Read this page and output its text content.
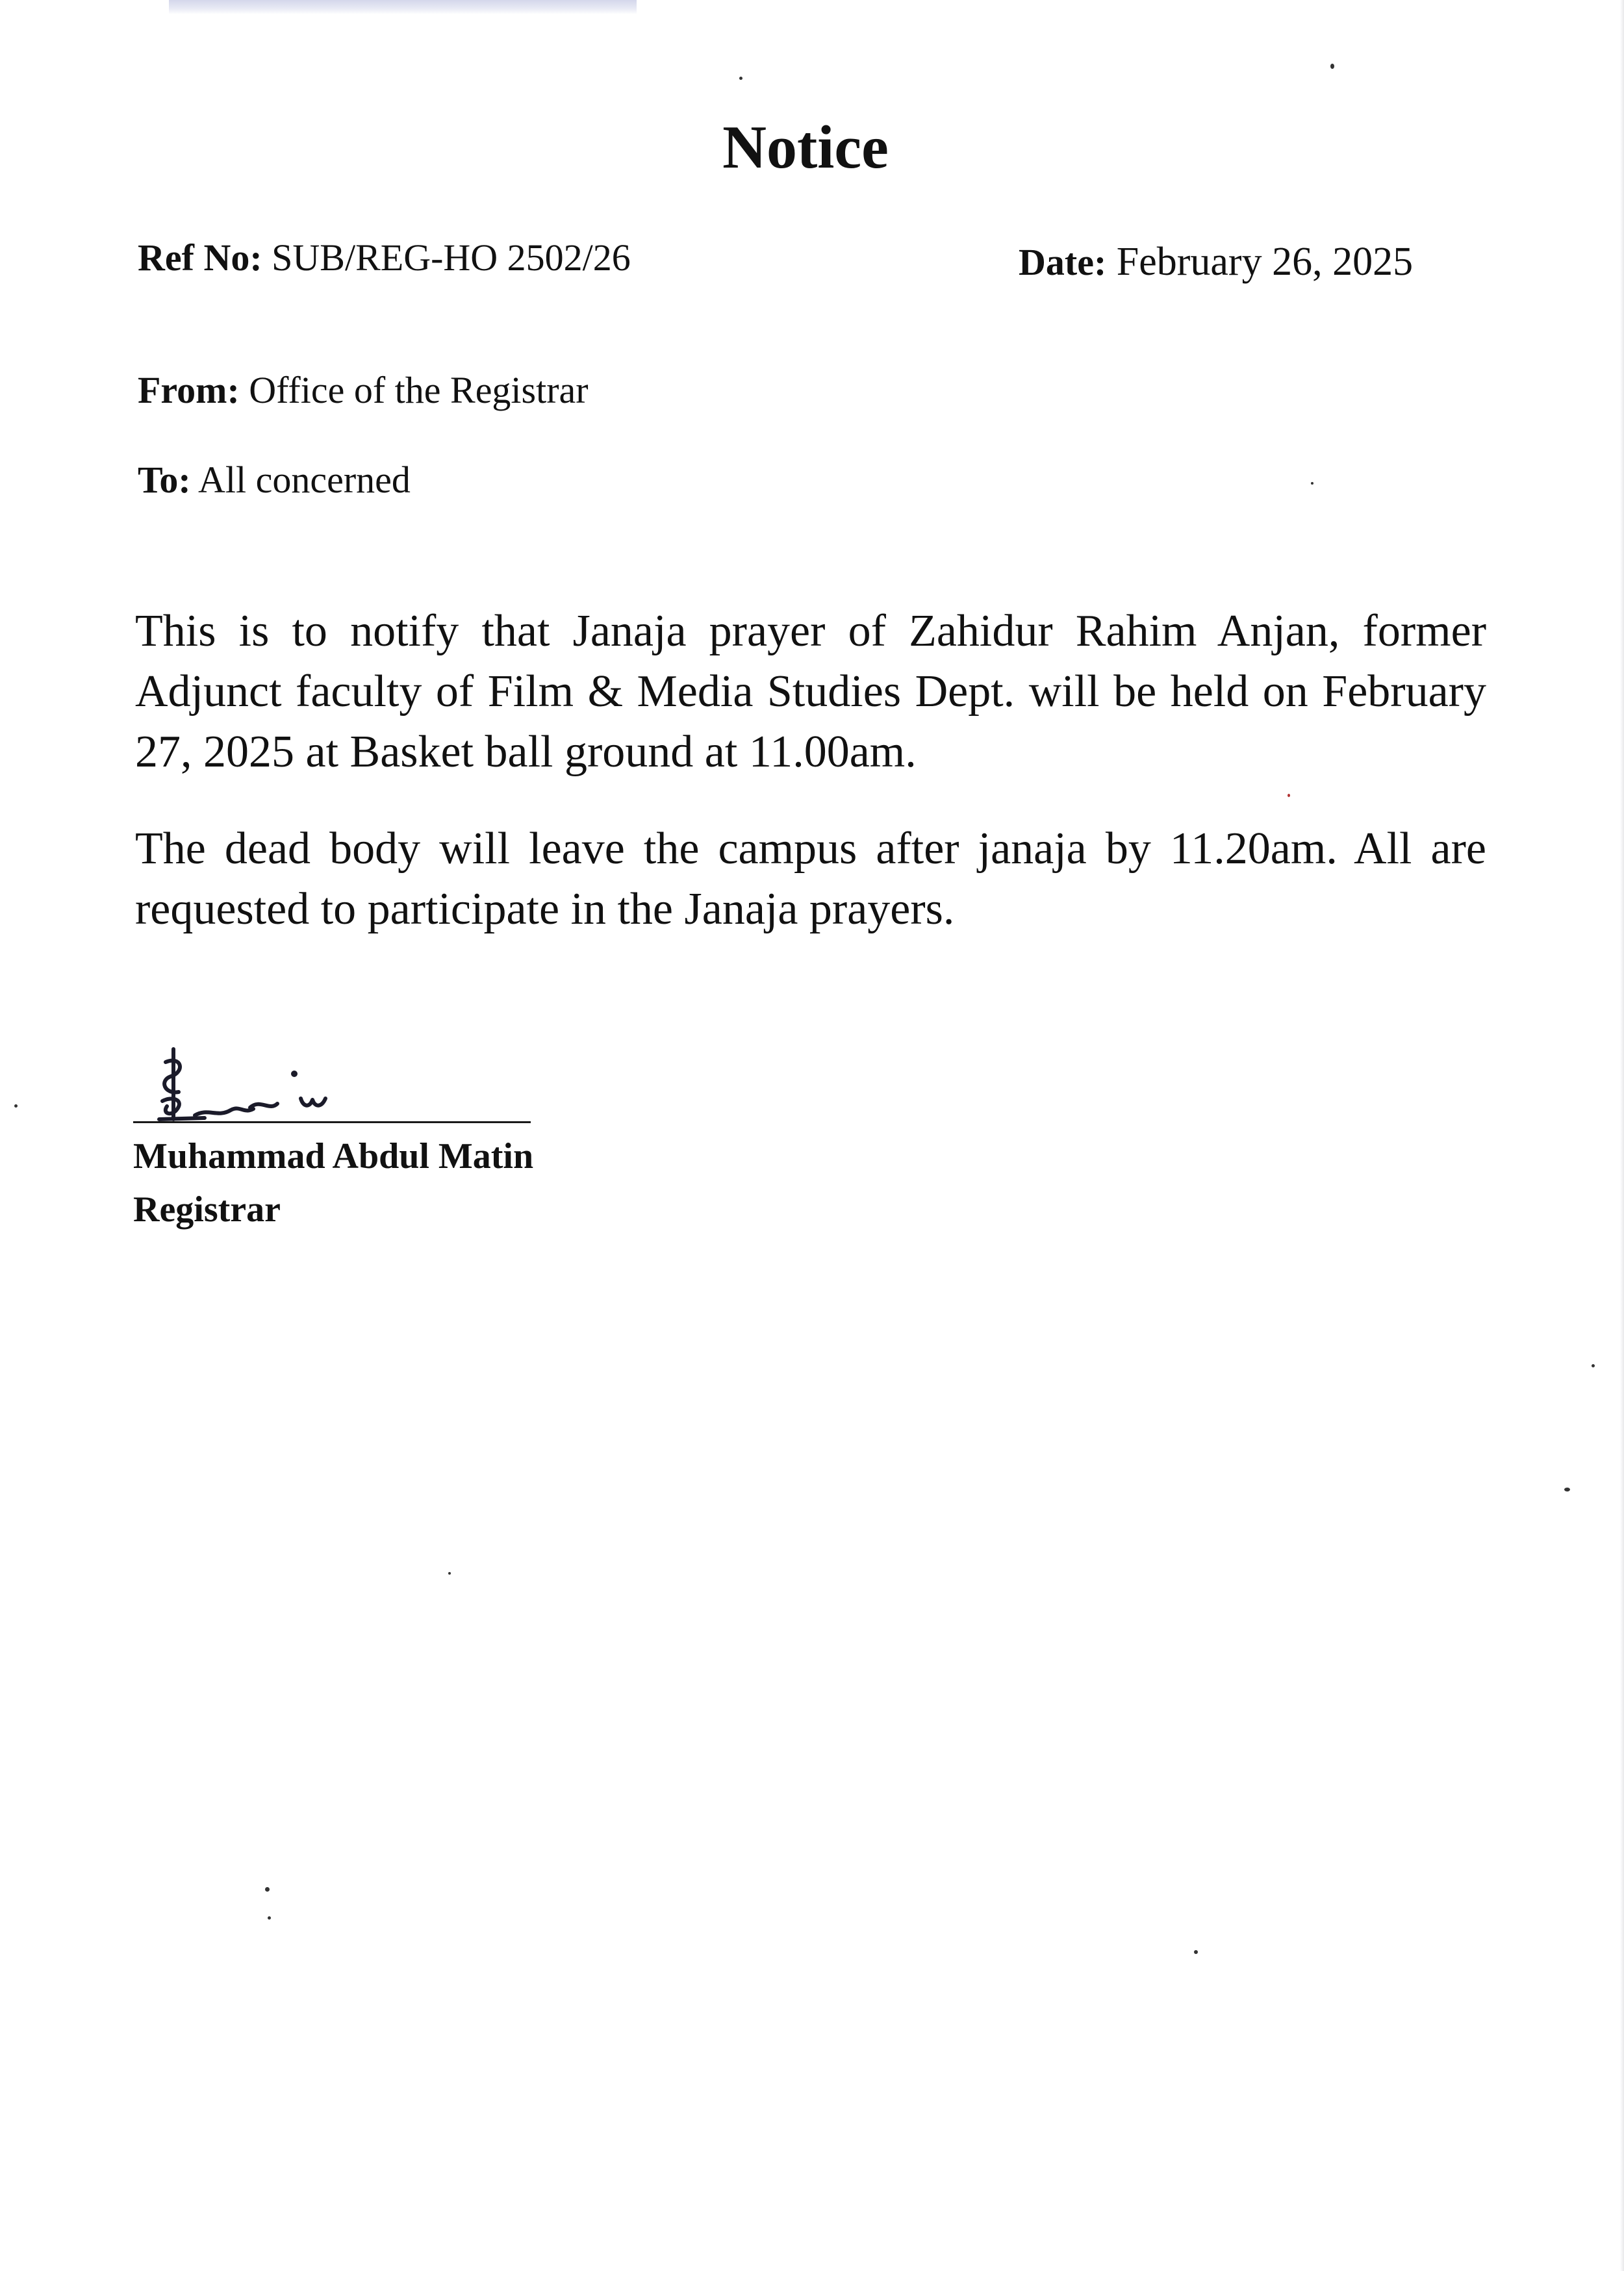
Notice
Ref No: SUB/REG-HO 2502/26	Date: February 26, 2025
From: Office of the Registrar
To: All concerned

This is to notify that Janaja prayer of Zahidur Rahim Anjan, former Adjunct faculty of Film & Media Studies Dept. will be held on February 27, 2025 at Basket ball ground at 11.00am.

The dead body will leave the campus after janaja by 11.20am. All are requested to participate in the Janaja prayers.

Muhammad Abdul Matin
Registrar
